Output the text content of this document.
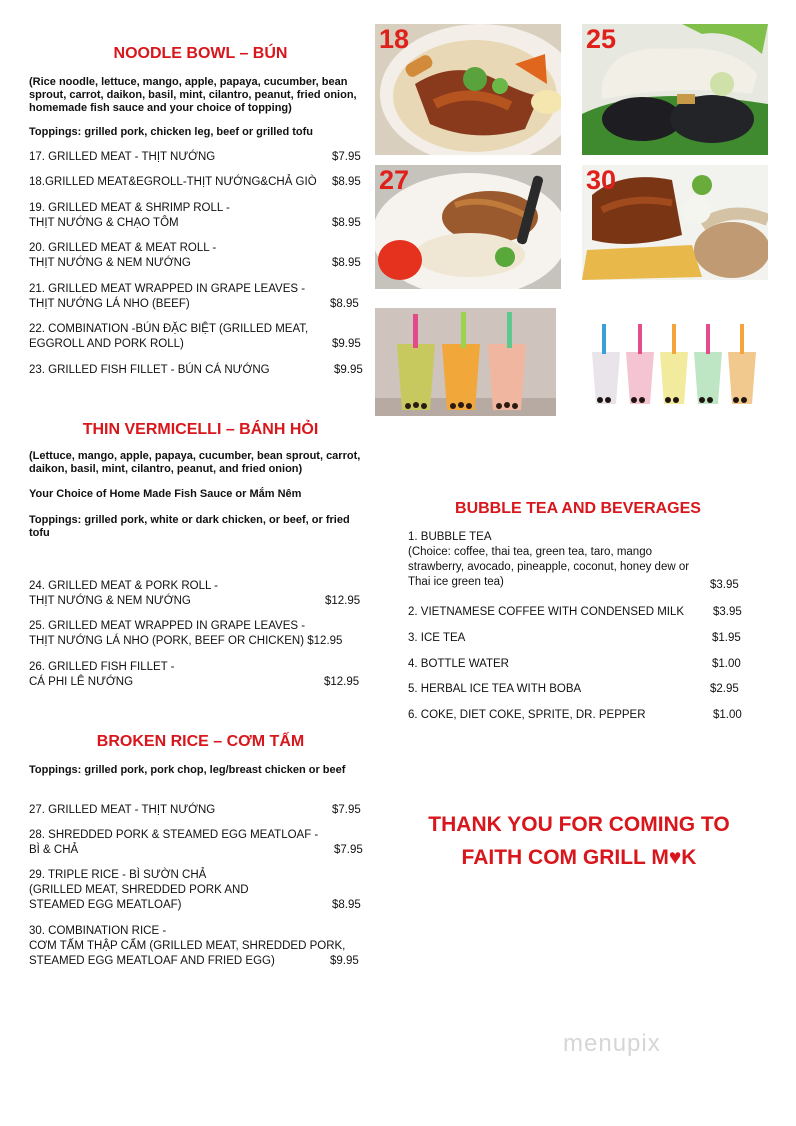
NOODLE BOWL – BÚN
(Rice noodle, lettuce, mango, apple, papaya, cucumber, bean sprout, carrot, daikon, basil, mint, cilantro, peanut, fried onion, homemade fish sauce and your choice of topping)
Toppings: grilled pork, chicken leg, beef or grilled tofu
17. GRILLED MEAT - THỊT NƯỚNG	$7.95
18.GRILLED MEAT&EGROLL-THỊT NƯỚNG&CHẢ GIÒ	$8.95
19. GRILLED MEAT & SHRIMP ROLL -
THỊT NƯỚNG & CHẠO TÔM	$8.95
20. GRILLED MEAT & MEAT ROLL -
THỊT NƯỚNG & NEM NƯỚNG	$8.95
21. GRILLED MEAT WRAPPED IN GRAPE LEAVES -
THỊT NƯỚNG LÁ NHO (BEEF)	$8.95
22. COMBINATION -BÚN ĐẶC BIỆT (GRILLED MEAT,
EGGROLL AND PORK ROLL)	$9.95
23. GRILLED FISH FILLET - BÚN CÁ NƯỚNG	$9.95
THIN VERMICELLI – BÁNH HỎI
(Lettuce, mango, apple, papaya, cucumber, bean sprout, carrot, daikon, basil, mint, cilantro, peanut, and fried onion)
Your Choice of Home Made Fish Sauce or Mắm Nêm
Toppings: grilled pork, white or dark chicken, or beef, or fried tofu
24. GRILLED MEAT & PORK ROLL -
THỊT NƯỚNG & NEM NƯỚNG	$12.95
25. GRILLED MEAT WRAPPED IN GRAPE LEAVES -
THỊT NƯỚNG LÁ NHO (PORK, BEEF OR CHICKEN) $12.95
26. GRILLED FISH FILLET -
CÁ PHI LÊ NƯỚNG	$12.95
BROKEN RICE – CƠM TẤM
Toppings: grilled pork, pork chop, leg/breast chicken or beef
27. GRILLED MEAT - THỊT NƯỚNG	$7.95
28. SHREDDED PORK & STEAMED EGG MEATLOAF -
BÌ & CHẢ	$7.95
29. TRIPLE RICE - BÌ SƯỜN CHẢ
(GRILLED MEAT, SHREDDED PORK AND
STEAMED EGG MEATLOAF)	$8.95
30. COMBINATION RICE -
CƠM TẤM THẬP CẨM (GRILLED MEAT, SHREDDED PORK,
STEAMED EGG MEATLOAF AND FRIED EGG)	$9.95
18	25
27	30
BUBBLE TEA AND BEVERAGES
1. BUBBLE TEA
(Choice: coffee, thai tea, green tea, taro, mango
strawberry, avocado, pineapple, coconut, honey dew or
Thai ice green tea)	$3.95
2. VIETNAMESE COFFEE WITH CONDENSED MILK	$3.95
3. ICE TEA	$1.95
4. BOTTLE WATER	$1.00
5. HERBAL ICE TEA WITH BOBA	$2.95
6. COKE, DIET COKE, SPRITE, DR. PEPPER	$1.00
THANK YOU FOR COMING TO
FAITH COM GRILL M♥K
menupix
